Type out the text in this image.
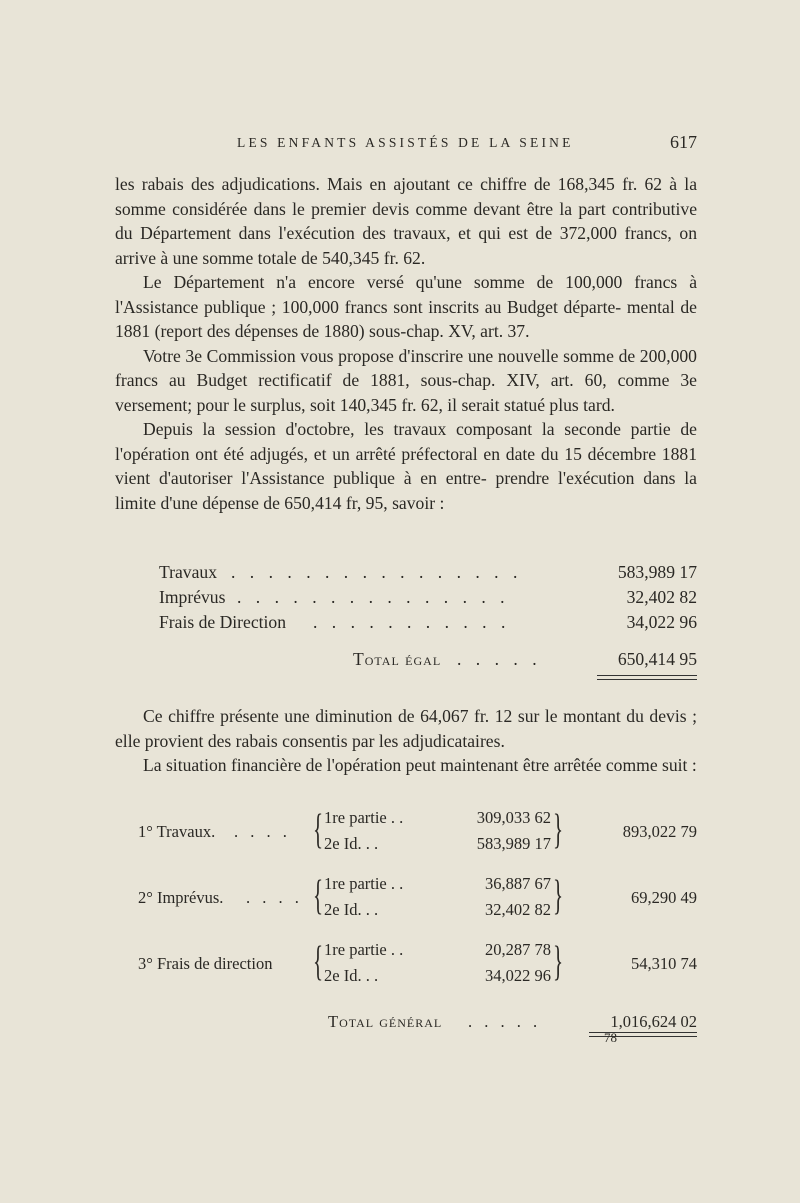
LES ENFANTS ASSISTÉS DE LA SEINE	617

les rabais des adjudications. Mais en ajoutant ce chiffre de 168,345 fr. 62 à la somme considérée dans le premier devis comme devant être la part contributive du Département dans l'exécution des travaux, et qui est de 372,000 francs, on arrive à une somme totale de 540,345 fr. 62.

Le Département n'a encore versé qu'une somme de 100,000 francs à l'Assistance publique ; 100,000 francs sont inscrits au Budget départe- mental de 1881 (report des dépenses de 1880) sous-chap. XV, art. 37.

Votre 3e Commission vous propose d'inscrire une nouvelle somme de 200,000 francs au Budget rectificatif de 1881, sous-chap. XIV, art. 60, comme 3e versement; pour le surplus, soit 140,345 fr. 62, il serait statué plus tard.

Depuis la session d'octobre, les travaux composant la seconde partie de l'opération ont été adjugés, et un arrêté préfectoral en date du 15 décembre 1881 vient d'autoriser l'Assistance publique à en entre- prendre l'exécution dans la limite d'une dépense de 650,414 fr, 95, savoir :

Travaux . . . . . . . . . . . . . . . .	583,989 17
Imprévus . . . . . . . . . . . . . . .	32,402 82
Frais de Direction . . . . . . . . . . .	34,022 96
Total égal . . . . .	650,414 95

Ce chiffre présente une diminution de 64,067 fr. 12 sur le montant du devis ; elle provient des rabais consentis par les adjudicataires.

La situation financière de l'opération peut maintenant être arrêtée comme suit :

1° Travaux. . . . . { 1re partie . .	309,033 62
2e Id. . .	583,989 17 }	893,022 79
2° Imprévus. . . . . { 1re partie . .	36,887 67
2e Id. . .	32,402 82 }	69,290 49
3° Frais de direction { 1re partie . .	20,287 78
2e Id. . .	34,022 96 }	54,310 74
Total général . . . . .	1,016,624 02
78
